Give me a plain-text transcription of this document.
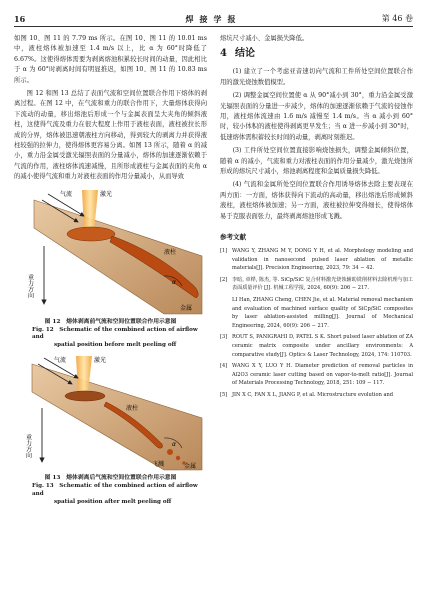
16	焊接学报	第 46 卷

如图 10、图 11 的 7.79 ms 所示。在图 10、图 11 的 10.01 ms 中，液柱熔体被加速至 1.4 m/s 以上，比 α 为 60°时降低了 6.67%。这使得熔体需要为剥离熔池积累较长时间的动量，因此相比于 α 为 60°时剥离时间有明显推迟，如图 10、图 11 的 10.83 ms 所示。

图 12 和图 13 总结了表面气流和空间位置联合作用下熔体的剥离过程。在图 12 中，在气流和重力的联合作用下，大量熔体获得向下流动的动量，移出熔池后形成一个与金属表面呈大夹角的倾斜液柱，这使得气流及重力在很大程度上作用于液柱表面，液柱被拉长形成的分界，熔体被迅速朝液柱方向移动，得到较大的剥离力并获得液柱较强的拉伸力，使得熔体更容易分离。如图 13 所示，随着 α 的减小，重力沿金属受激光辐照表面的分量减小，熔体的加速逐渐依赖于气流的作用，液柱熔体流速减慢，且所形成液柱与金属表面的夹角 α 的减小使得气流和重力对液柱表面的作用分量减小，从而导致

气流	激光
熔池
重力方向
液柱
金属
α
图 12　熔体剥离前气流和空间位置联合作用示意图
Fig. 12　Schematic of the combined action of airflow and
spatial position before melt peeling off
气流	激光
液柱
重力方向
飞溅	金属
α
图 13　熔体剥离后气流和空间位置联合作用示意图
Fig. 13　Schematic of the combined action of airflow and
spatial position after melt peeling off

熔坑尺寸减小、金属损失降低。

4 结论

(1) 建立了一个考虑亚音速切向气流和工件所处空间位置联合作用的激光烧蚀数值模型。

(2) 调整金属空间位置使 α 从 90°减小到 30°，重力沿金属受激光辐照表面的分量进一步减少，熔体的加速逐渐依赖于气流的侵蚀作用，液柱熔体流速由 1.6 m/s 减慢至 1.4 m/s。当 α 减小到 60°时，较小体积的液柱使得剥离更早发生；当 α 进一步减小到 30°时，低速熔体需积蓄较长时间的动量，剥离时刻推迟。

(3) 工件所处空间位置直接影响烧蚀损失，调整金属倾斜位置，随着 α 的减小，气流和重力对液柱表面的作用分量减少，激光烧蚀所形成的熔坑尺寸减小，熔池剥离程度和金属质量损失降低。

(4) 气流和金属所处空间位置联合作用诱导熔体去除主要表现在两方面：一方面，熔体获得向下流动的高动量，移出熔池后形成倾斜液柱，液柱熔体被加速；另一方面，液柱被拉伸变得细长，使得熔体易于克服表面张力，最终剥离熔池形成飞溅。

参考文献
[1] WANG Y, ZHANG M Y, DONG Y H, et al. Morphology modeling and validation in nanosecond pulsed laser ablation of metallic materials[J]. Precision Engineering, 2023, 79: 34 − 42.
[2] 李暗, 章桦, 陈杰, 等. SiCp/SiC 复合材料激光烧蚀辅助铣削材料去除机理与加工表面质量评价 [J]. 机械工程学报, 2024, 60(9): 206 − 217.
LI Han, ZHANG Cheng, CHEN Jie, et al. Material removal mechanism and evaluation of machined surface quality of SiCp/SiC composites by laser ablation-assisted milling[J]. Journal of Mechanical Engineering, 2024, 60(9): 206 − 217.
[3] ROUT S, PANIGRAHI D, PATEL S K. Short pulsed laser ablation of ZA ceramic matrix composite under ancillary environments: A comparative study[J]. Optics & Laser Technology, 2024, 174: 110703.
[4] WANG X Y, LUO Y H. Diameter prediction of removal particles in Al2O3 ceramic laser cutting based on vapor-to-melt ratio[J]. Journal of Materials Processing Technology, 2018, 251: 109 − 117.
[5] JIN X C, FAN X L, JIANG P, et al. Microstructure evolution and
